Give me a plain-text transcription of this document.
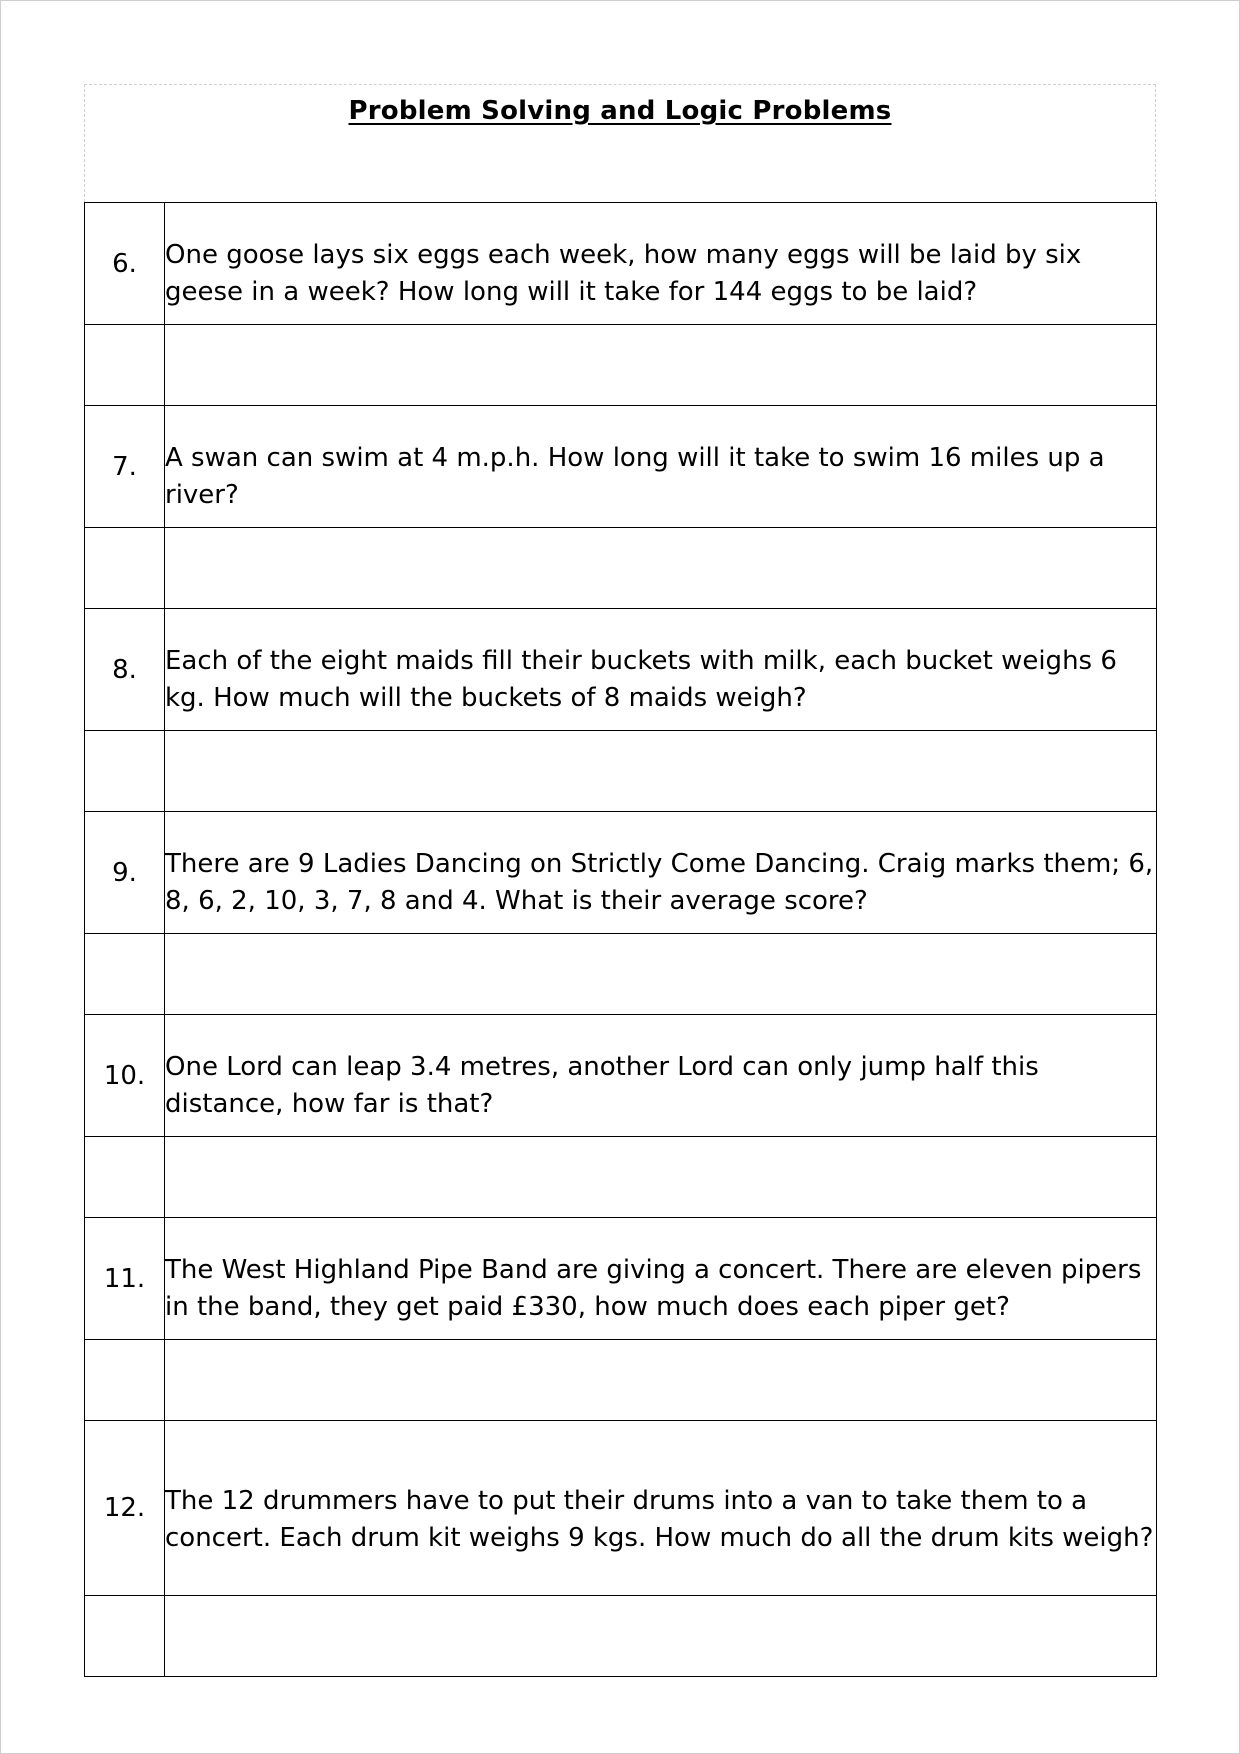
Problem Solving and Logic Problems
6.	One goose lays six eggs each week, how many eggs will be laid by six geese in a week? How long will it take for 144 eggs to be laid?

7.	A swan can swim at 4 m.p.h. How long will it take to swim 16 miles up a river?

8.	Each of the eight maids fill their buckets with milk, each bucket weighs 6 kg. How much will the buckets of 8 maids weigh?

9.	There are 9 Ladies Dancing on Strictly Come Dancing. Craig marks them; 6, 8, 6, 2, 10, 3, 7, 8 and 4. What is their average score?

10.	One Lord can leap 3.4 metres, another Lord can only jump half this distance, how far is that?

11.	The West Highland Pipe Band are giving a concert. There are eleven pipers in the band, they get paid £330, how much does each piper get?

12.	The 12 drummers have to put their drums into a van to take them to a concert. Each drum kit weighs 9 kgs. How much do all the drum kits weigh?
